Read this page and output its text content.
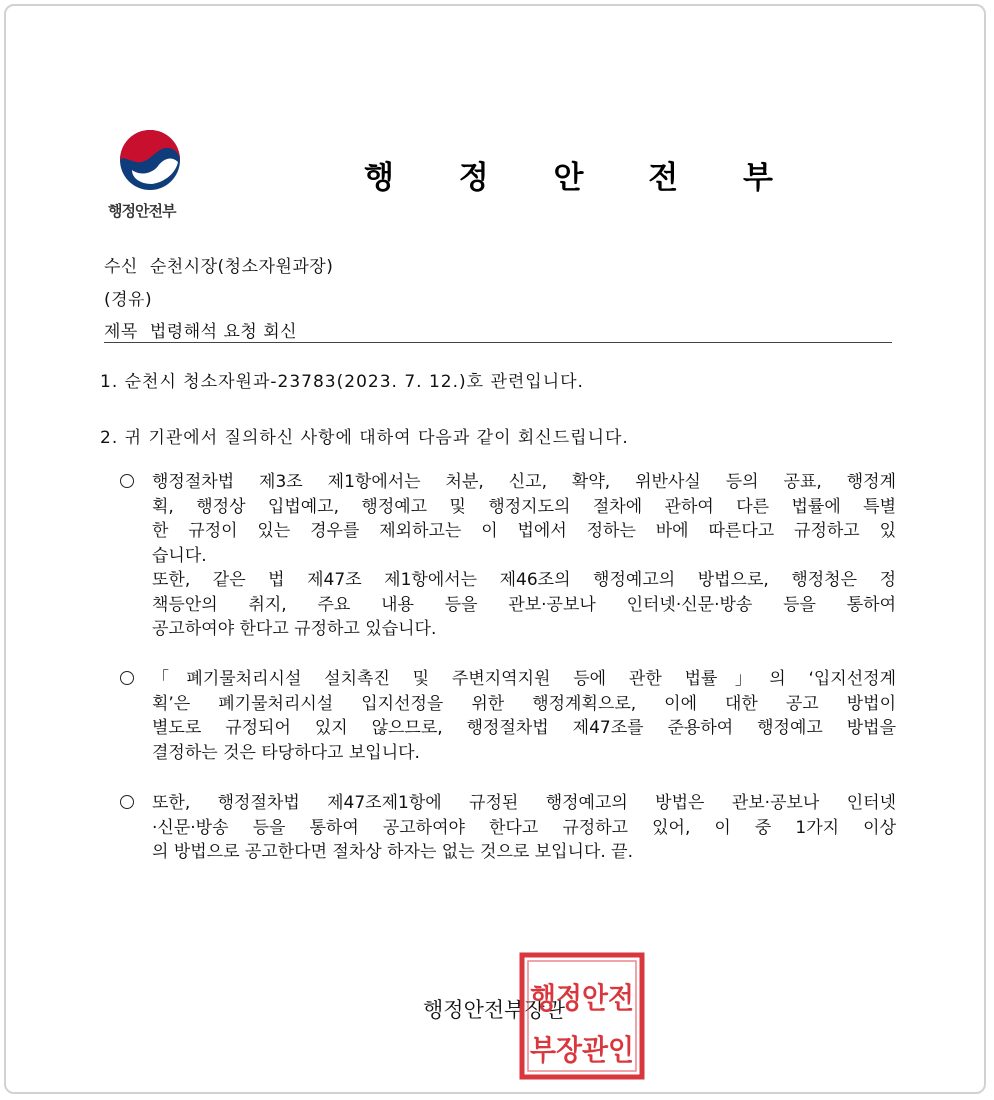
행정안전부
행 정 안 전 부
수신 순천시장(청소자원과장)
(경유)
제목 법령해석 요청 회신
1. 순천시 청소자원과-23783(2023. 7. 12.)호 관련입니다.
2. 귀 기관에서 질의하신 사항에 대하여 다음과 같이 회신드립니다.
행정절차법 제3조 제1항에서는 처분, 신고, 확약, 위반사실 등의 공표, 행정계
획, 행정상 입법예고, 행정예고 및 행정지도의 절차에 관하여 다른 법률에 특별
한 규정이 있는 경우를 제외하고는 이 법에서 정하는 바에 따른다고 규정하고 있
습니다.
또한, 같은 법 제47조 제1항에서는 제46조의 행정예고의 방법으로, 행정청은 정
책등안의 취지, 주요 내용 등을 관보·공보나 인터넷·신문·방송 등을 통하여
공고하여야 한다고 규정하고 있습니다.
「폐기물처리시설 설치촉진 및 주변지역지원 등에 관한 법률」의 ‘입지선정계
획’은 폐기물처리시설 입지선정을 위한 행정계획으로, 이에 대한 공고 방법이
별도로 규정되어 있지 않으므로, 행정절차법 제47조를 준용하여 행정예고 방법을
결정하는 것은 타당하다고 보입니다.
또한, 행정절차법 제47조제1항에 규정된 행정예고의 방법은 관보·공보나 인터넷
·신문·방송 등을 통하여 공고하여야 한다고 규정하고 있어, 이 중 1가지 이상
의 방법으로 공고한다면 절차상 하자는 없는 것으로 보입니다. 끝.
행정안전부장관
행정안전
부장관인
